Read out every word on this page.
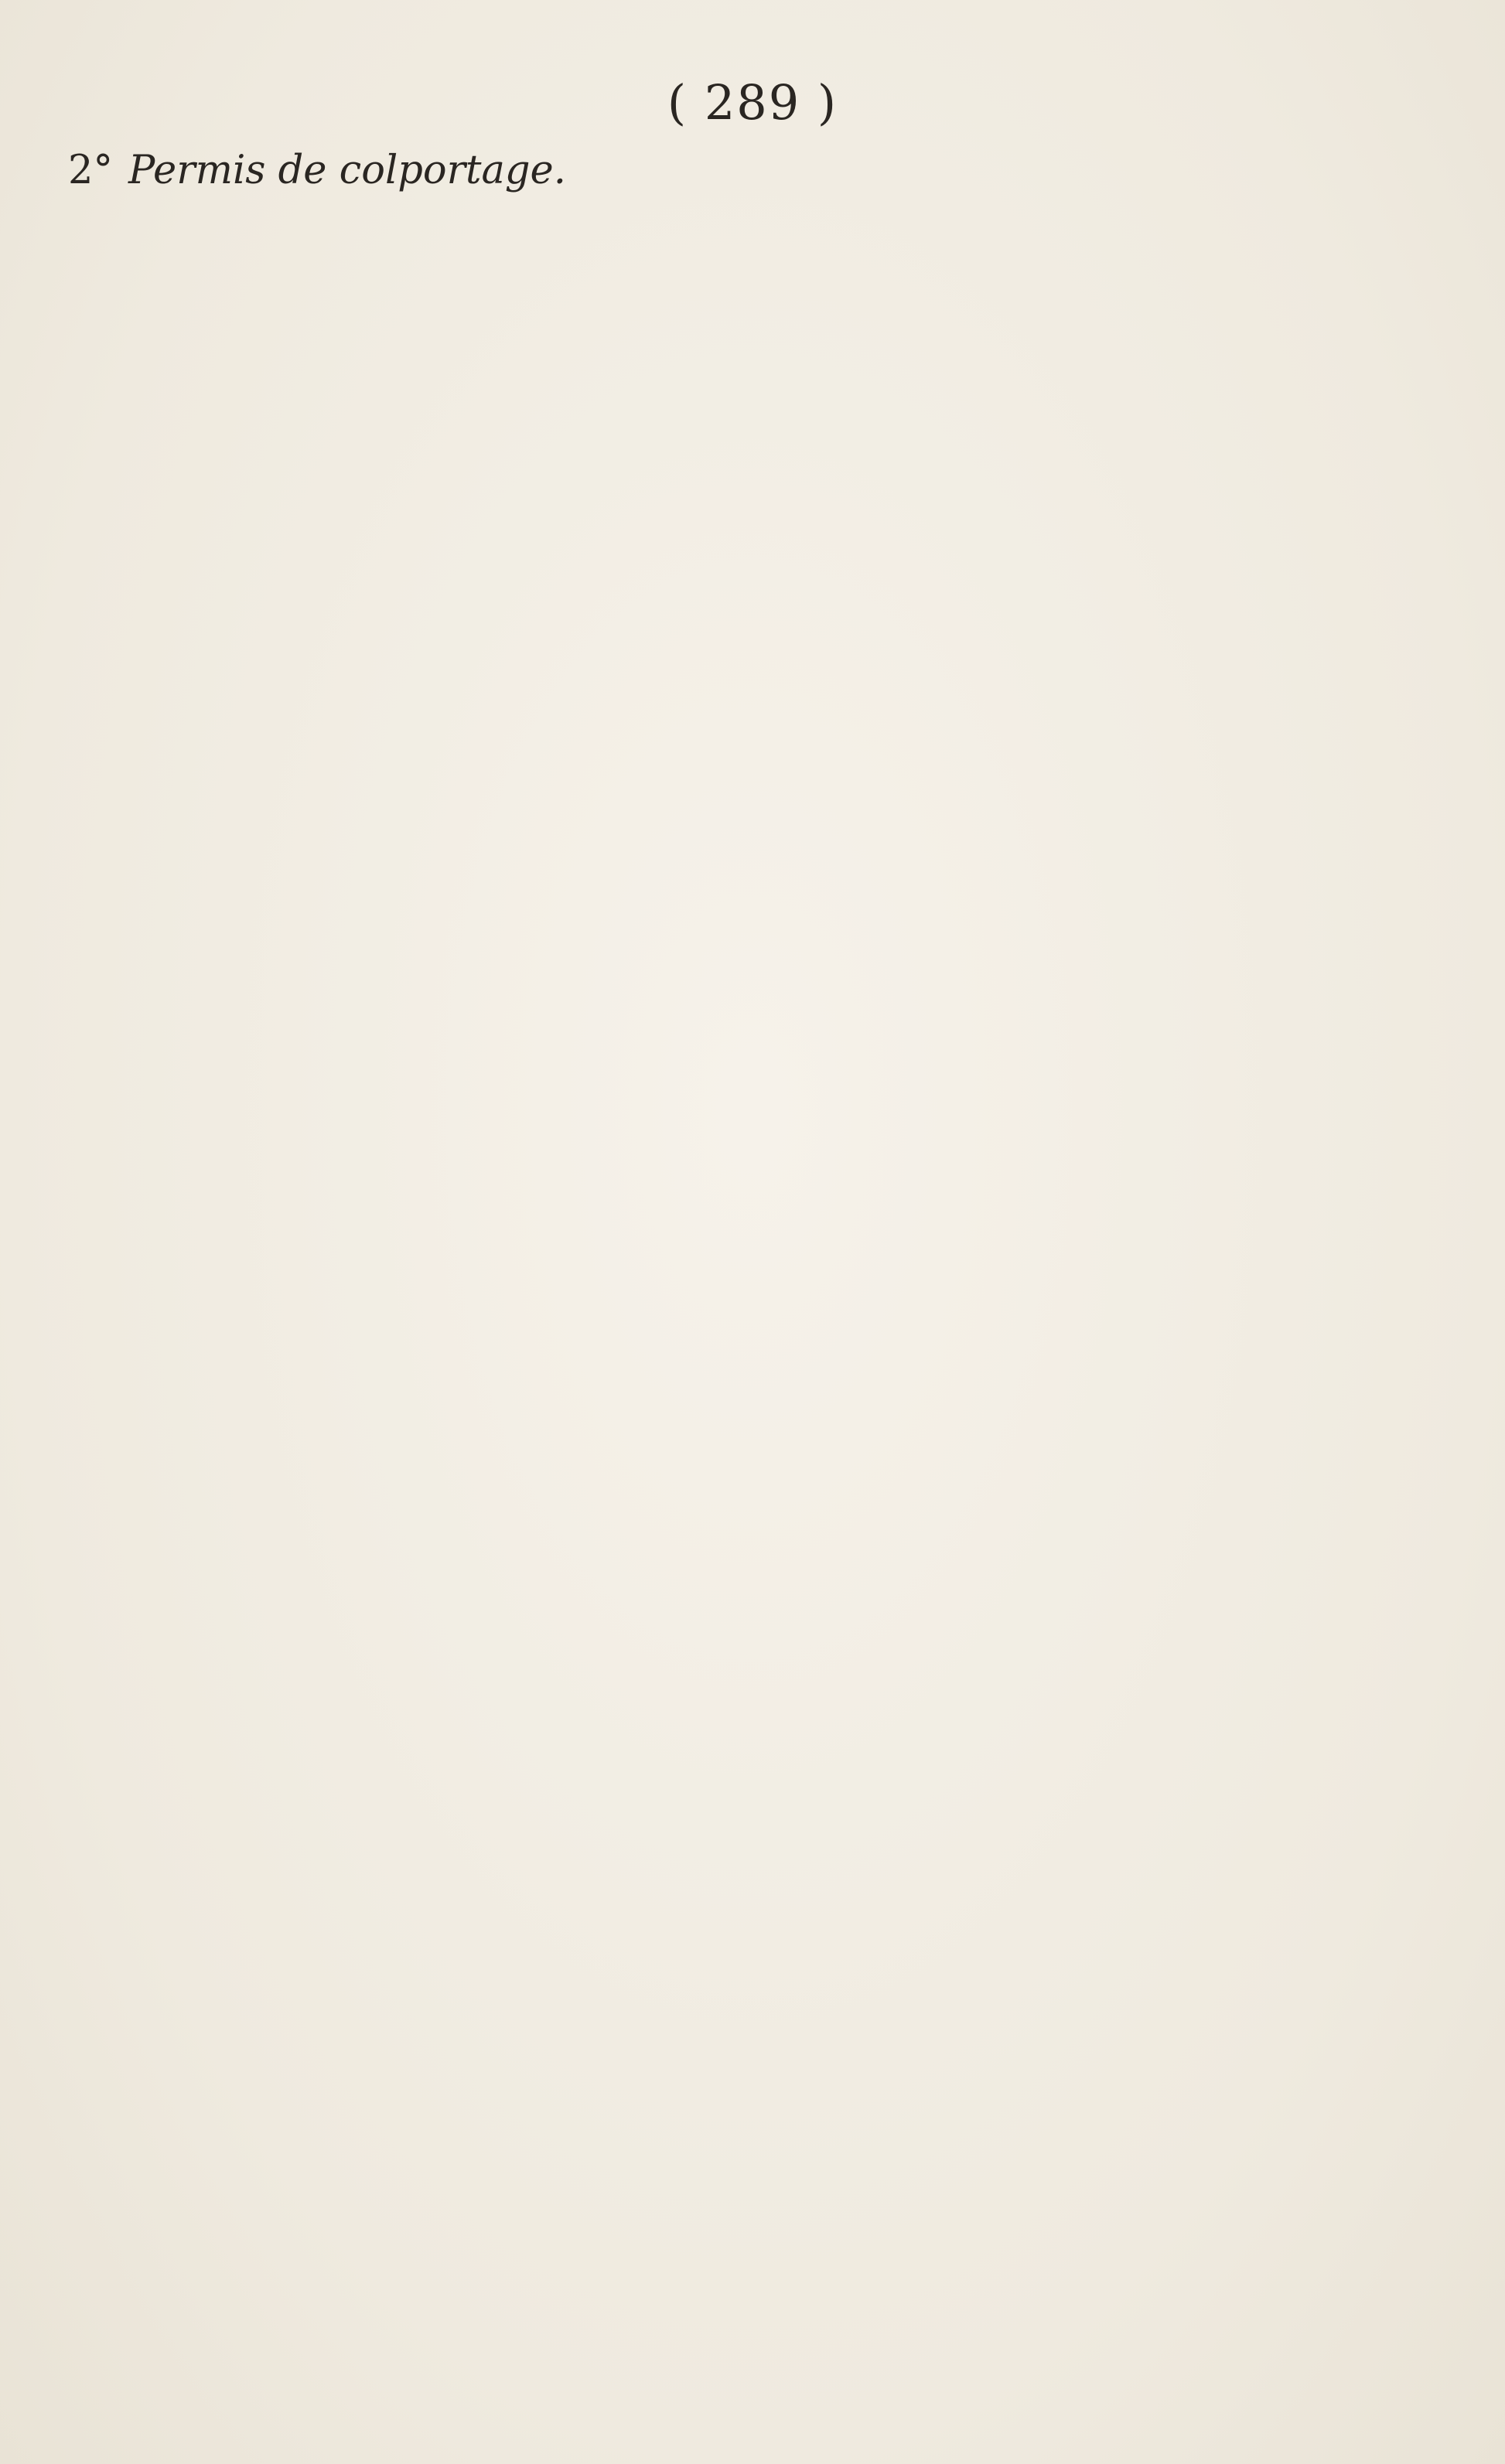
( 289 )
2° Permis de colportage.
